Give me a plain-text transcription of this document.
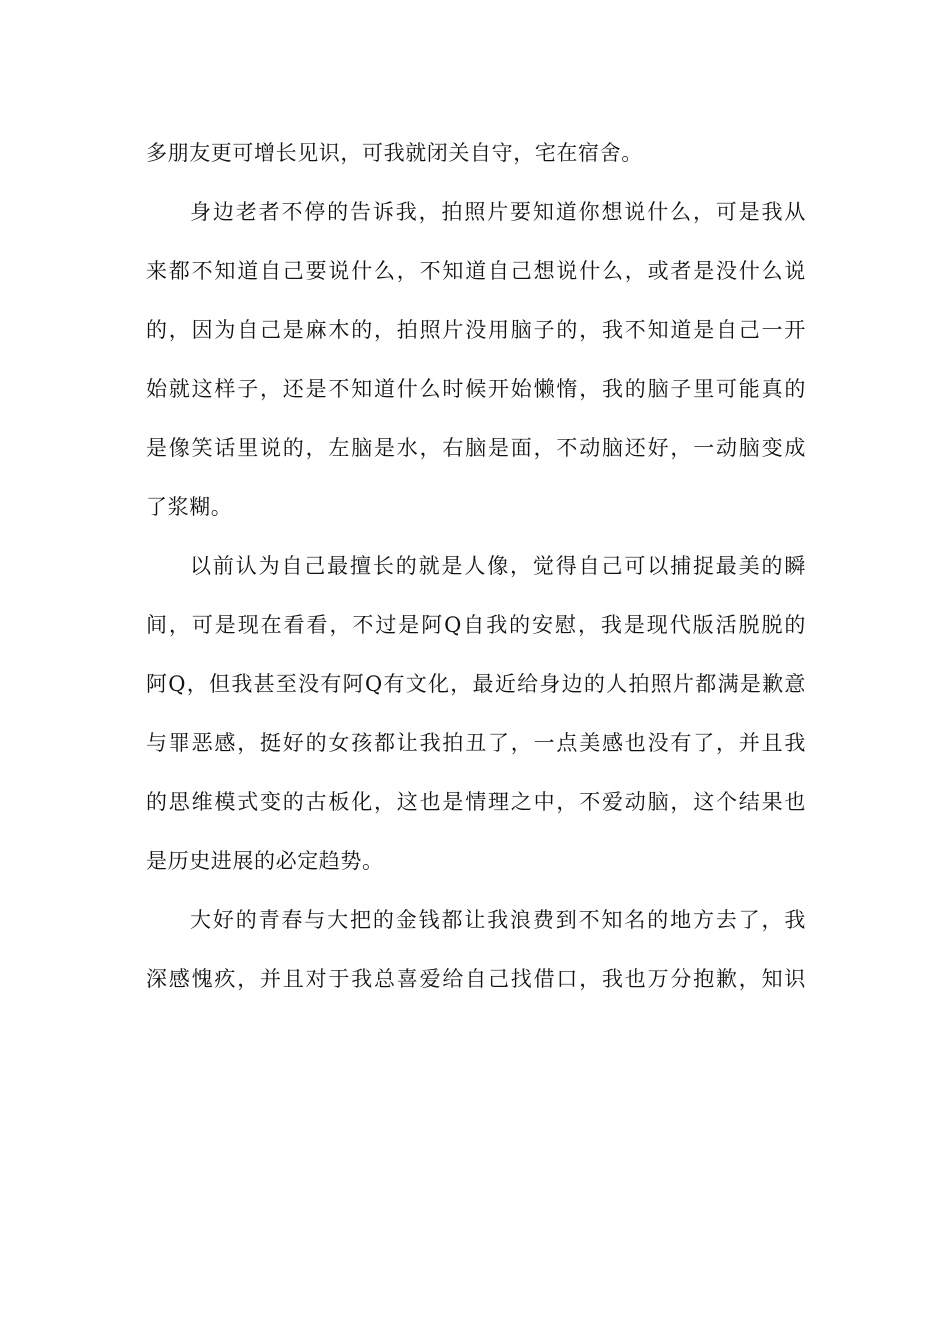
多朋友更可增长见识，可我就闭关自守，宅在宿舍。
身边老者不停的告诉我，拍照片要知道你想说什么，可是我从
来都不知道自己要说什么，不知道自己想说什么，或者是没什么说
的，因为自己是麻木的，拍照片没用脑子的，我不知道是自己一开
始就这样子，还是不知道什么时候开始懒惰，我的脑子里可能真的
是像笑话里说的，左脑是水，右脑是面，不动脑还好，一动脑变成
了浆糊。
以前认为自己最擅长的就是人像，觉得自己可以捕捉最美的瞬
间，可是现在看看，不过是阿Q自我的安慰，我是现代版活脱脱的
阿Q，但我甚至没有阿Q有文化，最近给身边的人拍照片都满是歉意
与罪恶感，挺好的女孩都让我拍丑了，一点美感也没有了，并且我
的思维模式变的古板化，这也是情理之中，不爱动脑，这个结果也
是历史进展的必定趋势。
大好的青春与大把的金钱都让我浪费到不知名的地方去了，我
深感愧疚，并且对于我总喜爱给自己找借口，我也万分抱歉，知识
